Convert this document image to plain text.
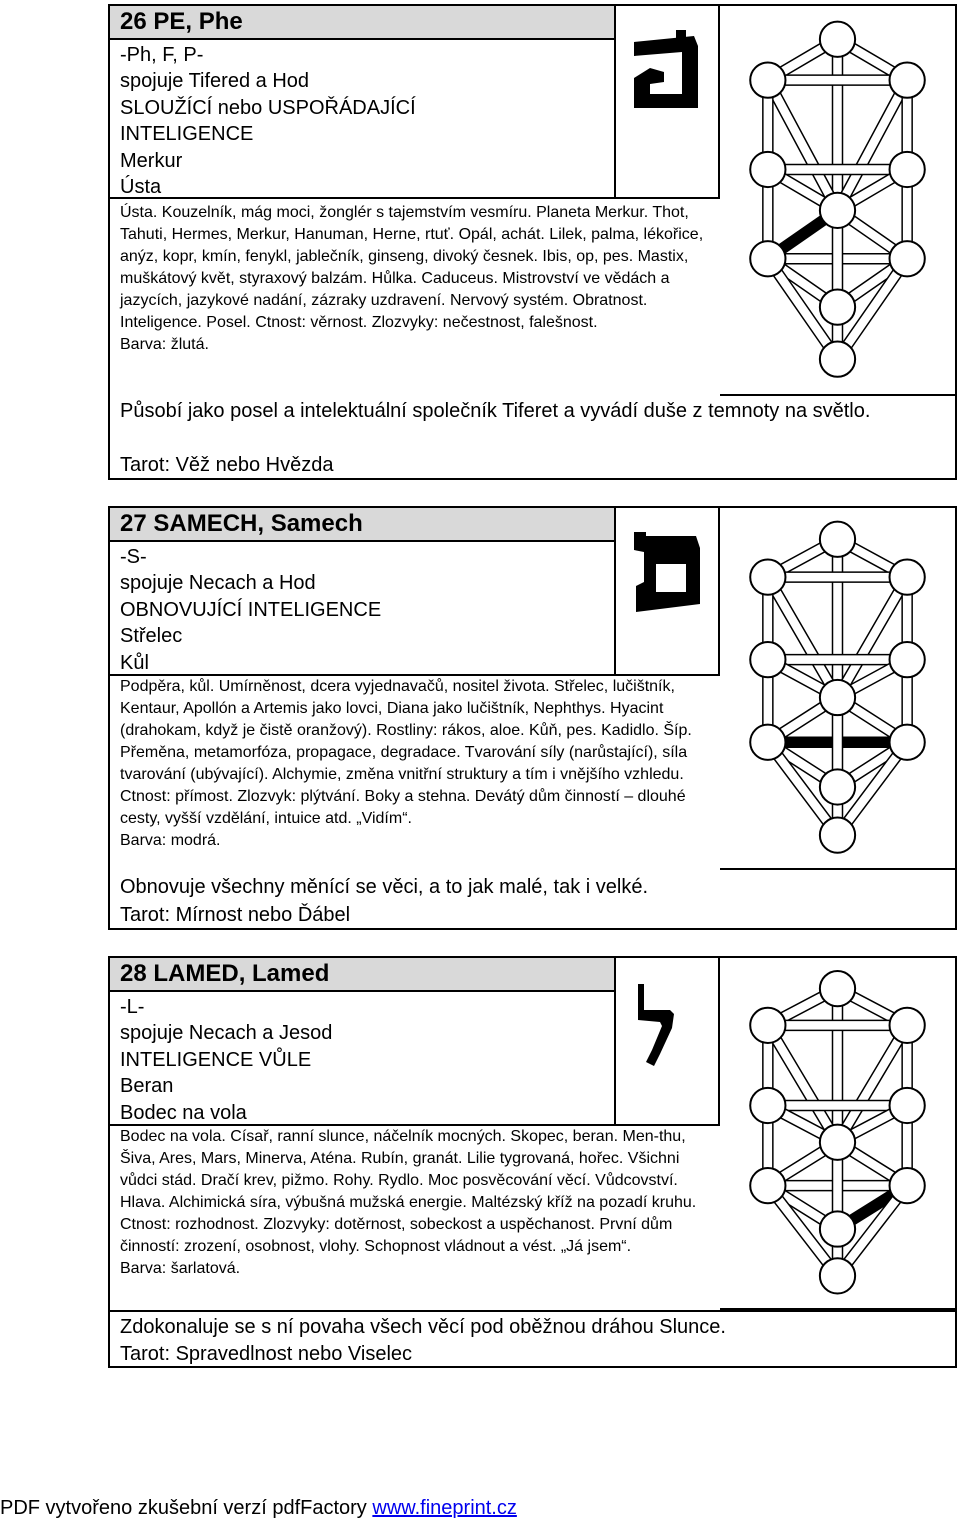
26 PE, Phe
-Ph, F, P-
spojuje Tifered a Hod
SLOUŽÍCÍ nebo USPOŘÁDAJÍCÍ
INTELIGENCE
Merkur
Ústa
Ústa. Kouzelník, mág moci, žonglér s tajemstvím vesmíru. Planeta Merkur. Thot, Tahuti, Hermes, Merkur, Hanuman, Herne, rtuť. Opál, achát. Lilek, palma, lékořice, anýz, kopr, kmín, fenykl, jablečník, ginseng, divoký česnek. Ibis, op, pes. Mastix, muškátový květ, styraxový balzám. Hůlka. Caduceus. Mistrovství ve vědách a jazycích, jazykové nadání, zázraky uzdravení. Nervový systém. Obratnost. Inteligence. Posel. Ctnost: věrnost. Zlozvyky: nečestnost, falešnost.
Barva: žlutá.
Působí jako posel a intelektuální společník Tiferet a vyvádí duše z temnoty na světlo.
Tarot: Věž nebo Hvězda
27 SAMECH, Samech
-S-
spojuje Necach a Hod
OBNOVUJÍCÍ INTELIGENCE
Střelec
Kůl
Podpěra, kůl. Umírněnost, dcera vyjednavačů, nositel života. Střelec, lučištník, Kentaur, Apollón a Artemis jako lovci, Diana jako lučištník, Nephthys. Hyacint (drahokam, když je čistě oranžový). Rostliny: rákos, aloe. Kůň, pes. Kadidlo. Šíp. Přeměna, metamorfóza, propagace, degradace. Tvarování síly (narůstající), síla tvarování (ubývající). Alchymie, změna vnitřní struktury a tím i vnějšího vzhledu. Ctnost: přímost. Zlozvyk: plýtvání. Boky a stehna. Devátý dům činností – dlouhé cesty, vyšší vzdělání, intuice atd. „Vidím“.
Barva: modrá.
Obnovuje všechny měnící se věci, a to jak malé, tak i velké.
Tarot: Mírnost nebo Ďábel
28 LAMED, Lamed
-L-
spojuje Necach a Jesod
INTELIGENCE VŮLE
Beran
Bodec na vola
Bodec na vola. Císař, ranní slunce, náčelník mocných. Skopec, beran. Men-thu, Šiva, Ares, Mars, Minerva, Aténa. Rubín, granát. Lilie tygrovaná, hořec. Všichni vůdci stád. Dračí krev, pižmo. Rohy. Rydlo. Moc posvěcování věcí. Vůdcovství. Hlava. Alchimická síra, výbušná mužská energie. Maltézský kříž na pozadí kruhu. Ctnost: rozhodnost. Zlozvyky: dotěrnost, sobeckost a uspěchanost. První dům činností: zrození, osobnost, vlohy. Schopnost vládnout a vést. „Já jsem“.
Barva: šarlatová.
Zdokonaluje se s ní povaha všech věcí pod oběžnou dráhou Slunce.
Tarot: Spravedlnost nebo Viselec
PDF vytvořeno zkušební verzí pdfFactory www.fineprint.cz
